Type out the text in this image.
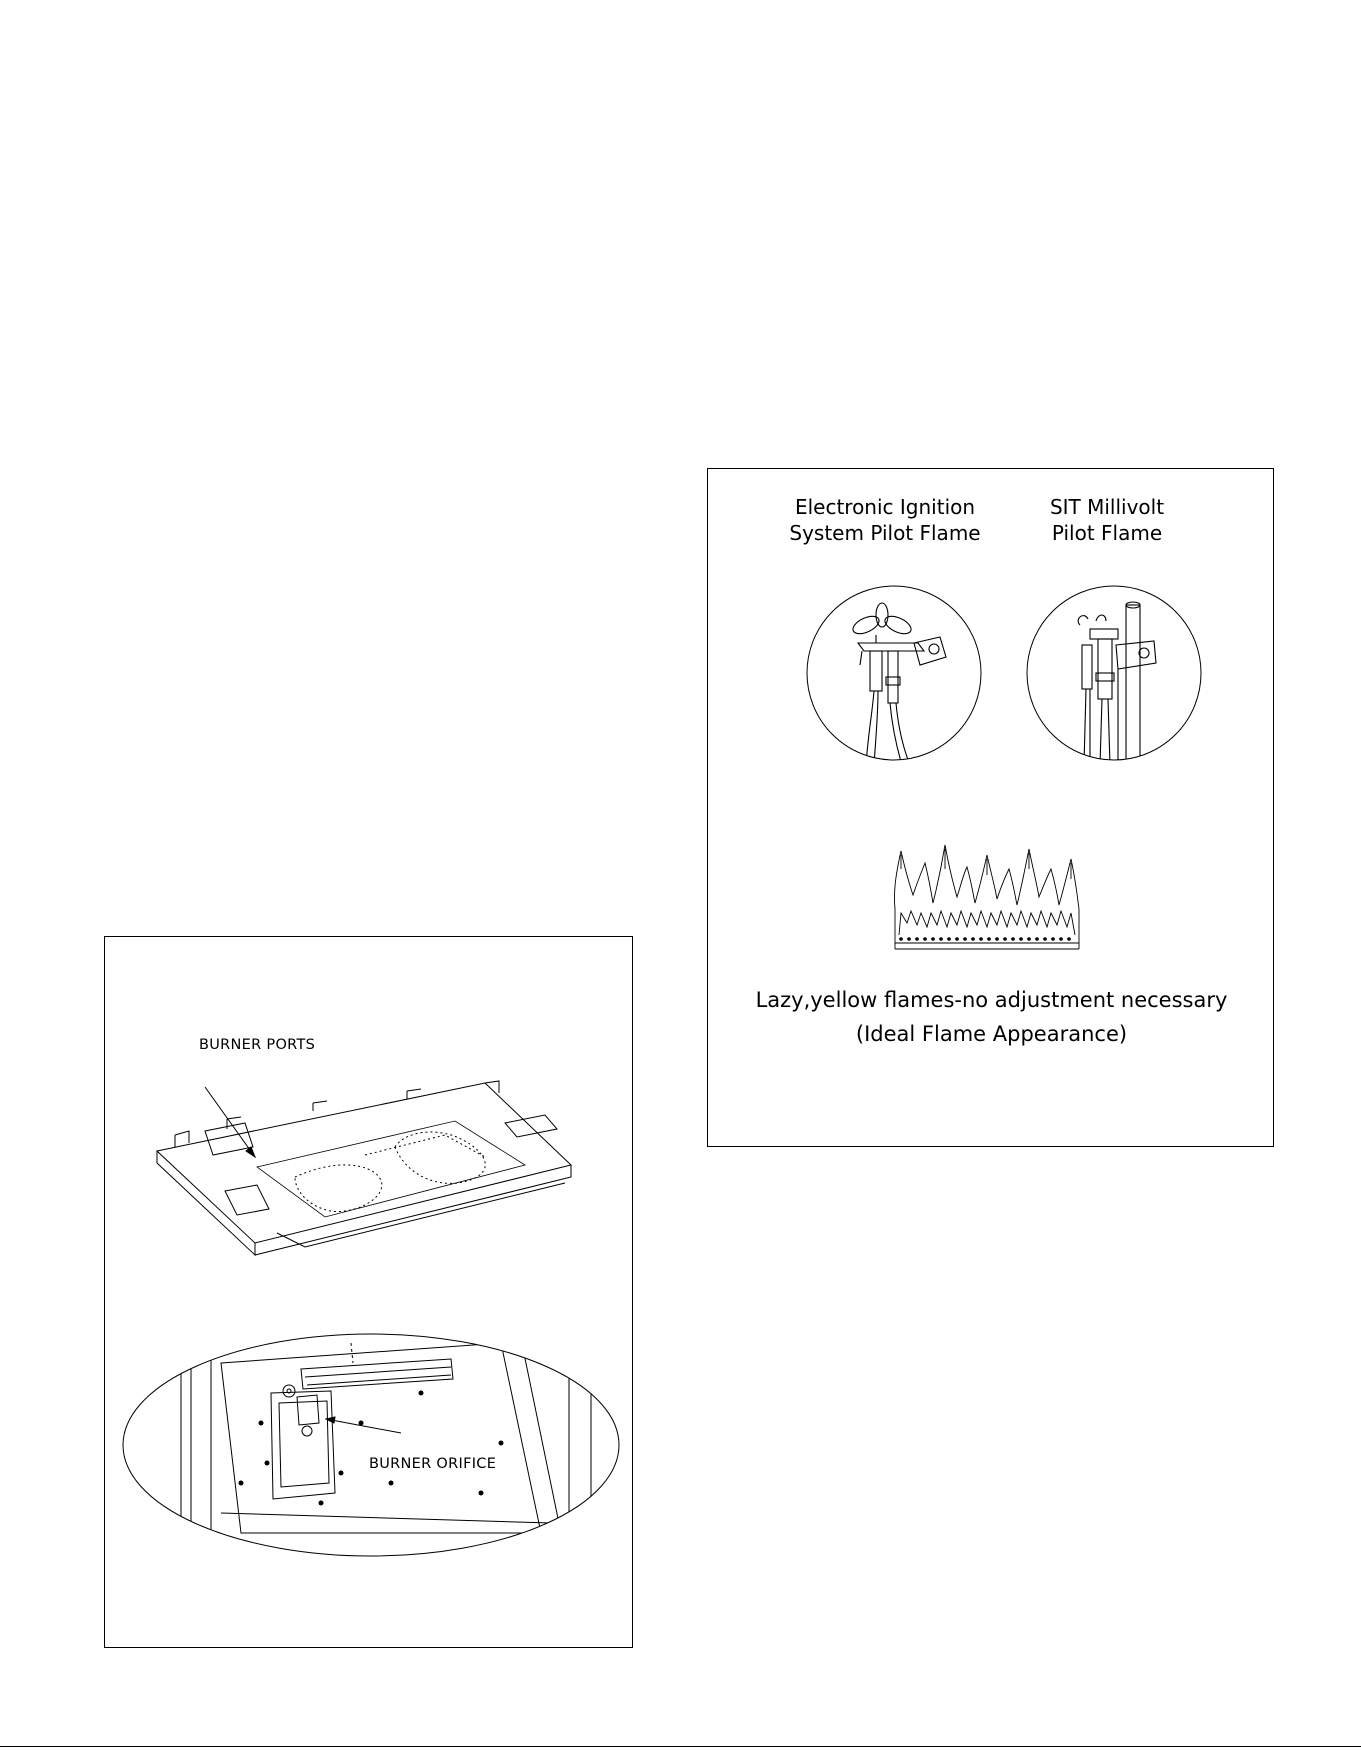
Electronic Ignition
System Pilot Flame
SIT Millivolt
Pilot Flame
Lazy,yellow flames-no adjustment necessary
(Ideal Flame Appearance)
BURNER PORTS
BURNER ORIFICE
